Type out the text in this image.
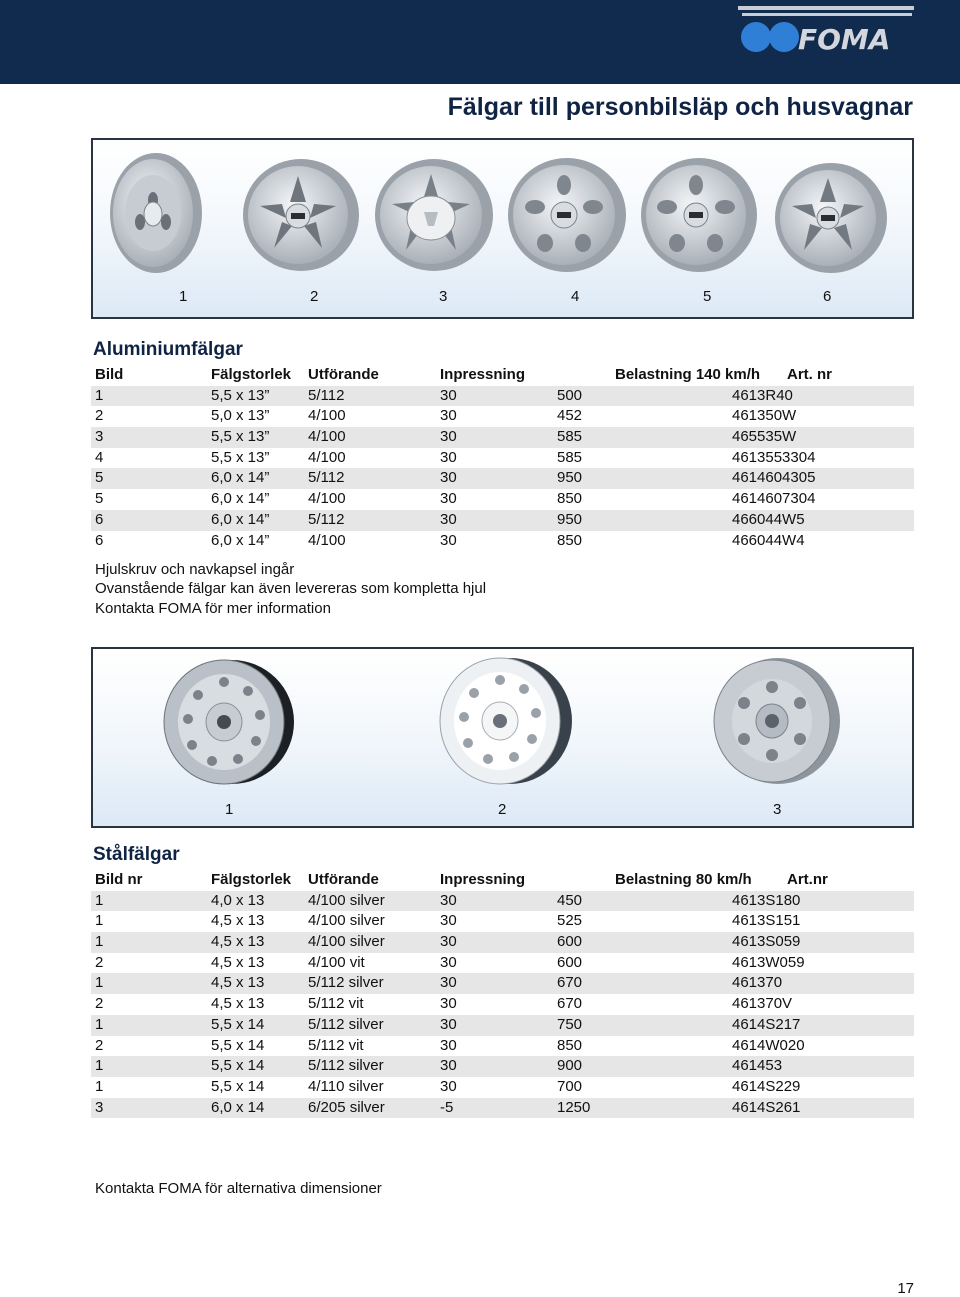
FOMA
Fälgar till personbilsläp och husvagnar
1	2	3	4	5	6
Aluminiumfälgar
Bild	Fälgstorlek Utförande	Inpressning	Belastning 140 km/h Art. nr
1	5,5 x 13”	5/112	30	500	4613R40
2	5,0 x 13”	4/100	30	452	461350W
3	5,5 x 13”	4/100	30	585	465535W
4	5,5 x 13”	4/100	30	585	4613553304
5	6,0 x 14”	5/112	30	950	4614604305
5	6,0 x 14”	4/100	30	850	4614607304
6	6,0 x 14”	5/112	30	950	466044W5
6	6,0 x 14”	4/100	30	850	466044W4
Hjulskruv och navkapsel ingår
Ovanstående fälgar kan även levereras som kompletta hjul
Kontakta FOMA för mer information
1	2	3
Stålfälgar
Bild nr	Fälgstorlek Utförande	Inpressning	Belastning 80 km/h Art.nr
1	4,0 x 13	4/100 silver	30	450	4613S180
1	4,5 x 13	4/100 silver	30	525	4613S151
1	4,5 x 13	4/100 silver	30	600	4613S059
2	4,5 x 13	4/100 vit	30	600	4613W059
1	4,5 x 13	5/112 silver	30	670	461370
2	4,5 x 13	5/112 vit	30	670	461370V
1	5,5 x 14	5/112 silver	30	750	4614S217
2	5,5 x 14	5/112 vit	30	850	4614W020
1	5,5 x 14	5/112 silver	30	900	461453
1	5,5 x 14	4/110 silver	30	700	4614S229
3	6,0 x 14	6/205 silver	-5	1250	4614S261
Kontakta FOMA för alternativa dimensioner
17
